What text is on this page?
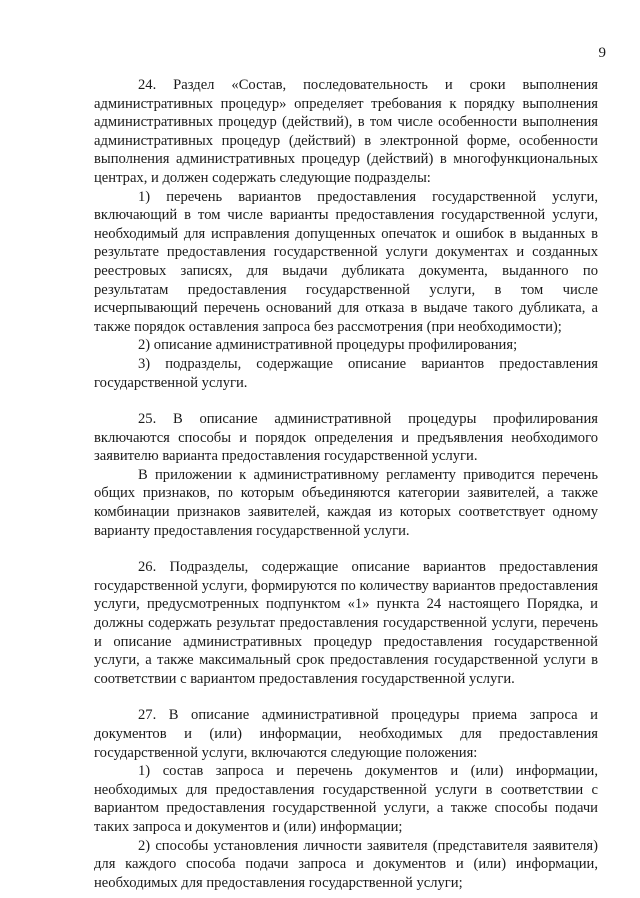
9

24. Раздел «Состав, последовательность и сроки выполнения административных процедур» определяет требования к порядку выполнения административных процедур (действий), в том числе особенности выполнения административных процедур (действий) в электронной форме, особенности выполнения административных процедур (действий) в многофункциональных центрах, и должен содержать следующие подразделы:

1) перечень вариантов предоставления государственной услуги, включающий в том числе варианты предоставления государственной услуги, необходимый для исправления допущенных опечаток и ошибок в выданных в результате предоставления государственной услуги документах и созданных реестровых записях, для выдачи дубликата документа, выданного по результатам предоставления государственной услуги, в том числе исчерпывающий перечень оснований для отказа в выдаче такого дубликата, а также порядок оставления запроса без рассмотрения (при необходимости);

2) описание административной процедуры профилирования;

3) подразделы, содержащие описание вариантов предоставления государственной услуги.

25. В описание административной процедуры профилирования включаются способы и порядок определения и предъявления необходимого заявителю варианта предоставления государственной услуги.

В приложении к административному регламенту приводится перечень общих признаков, по которым объединяются категории заявителей, а также комбинации признаков заявителей, каждая из которых соответствует одному варианту предоставления государственной услуги.

26. Подразделы, содержащие описание вариантов предоставления государственной услуги, формируются по количеству вариантов предоставления услуги, предусмотренных подпунктом «1» пункта 24 настоящего Порядка, и должны содержать результат предоставления государственной услуги, перечень и описание административных процедур предоставления государственной услуги, а также максимальный срок предоставления государственной услуги в соответствии с вариантом предоставления государственной услуги.

27. В описание административной процедуры приема запроса и документов и (или) информации, необходимых для предоставления государственной услуги, включаются следующие положения:

1) состав запроса и перечень документов и (или) информации, необходимых для предоставления государственной услуги в соответствии с вариантом предоставления государственной услуги, а также способы подачи таких запроса и документов и (или) информации;

2) способы установления личности заявителя (представителя заявителя) для каждого способа подачи запроса и документов и (или) информации, необходимых для предоставления государственной услуги;
